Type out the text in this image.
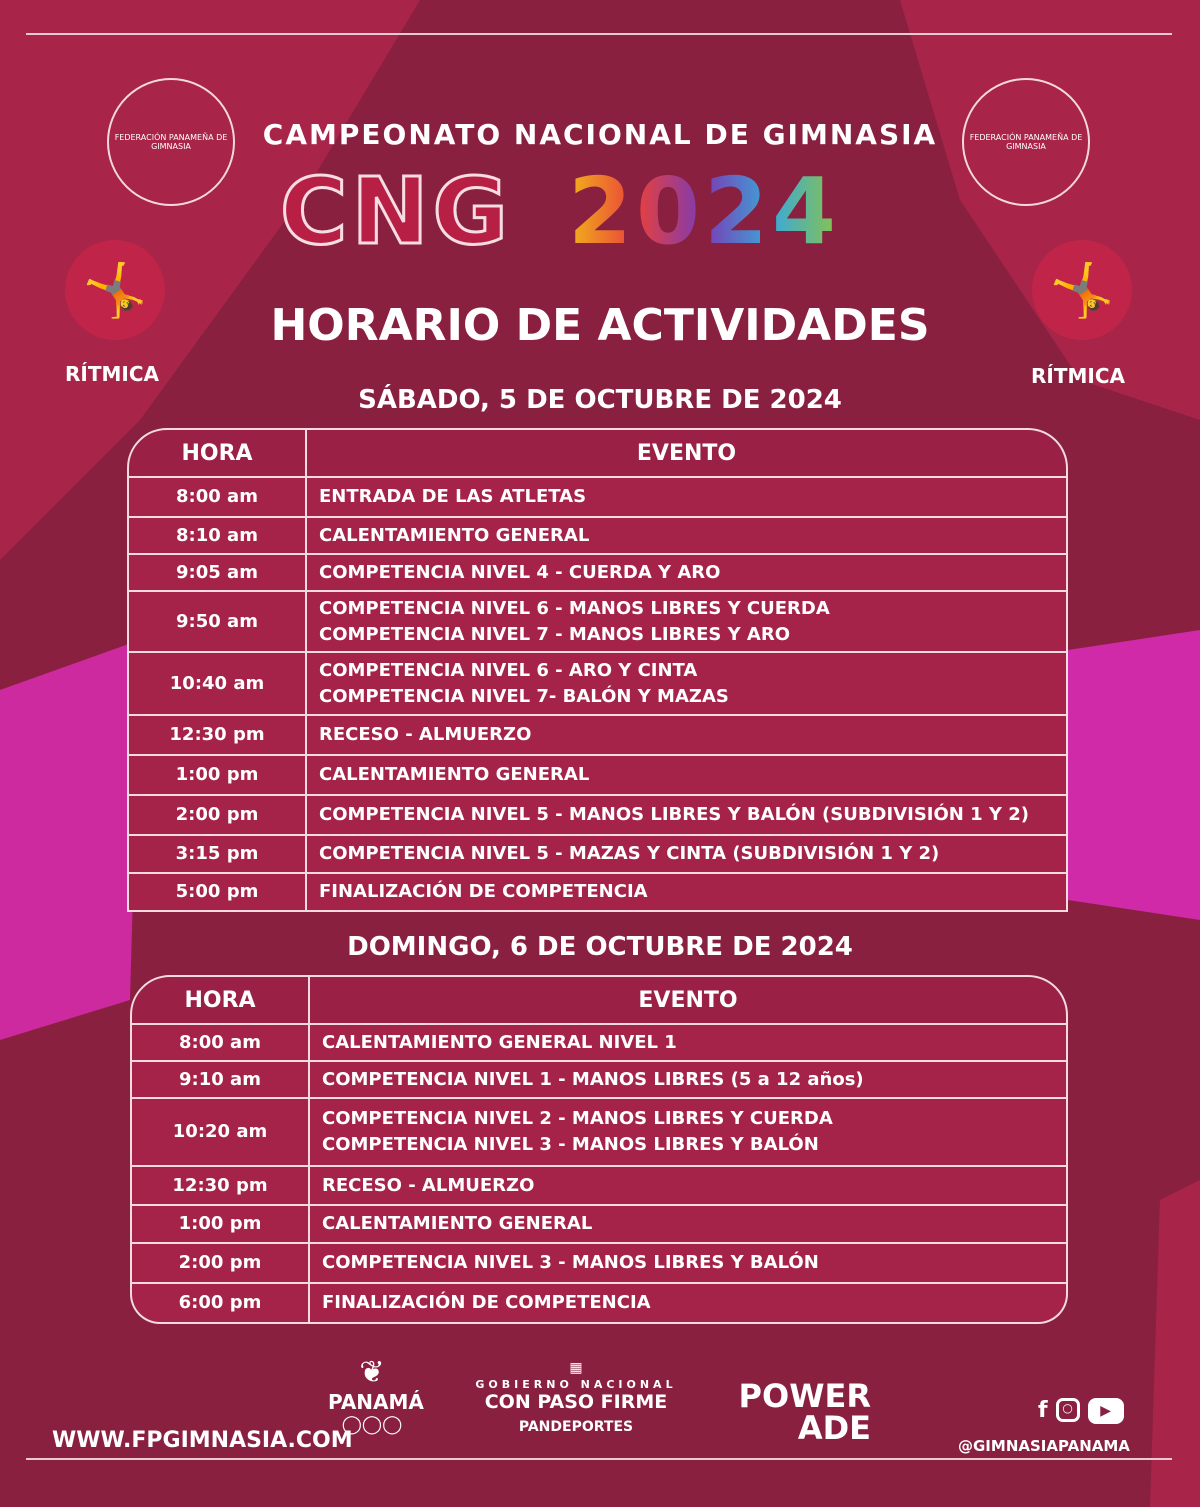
FEDERACIÓN PANAMEÑA DE GIMNASIA
FEDERACIÓN PANAMEÑA DE GIMNASIA
🤸	🤸
RÍTMICA	RÍTMICA
CAMPEONATO NACIONAL DE GIMNASIA
CNG 2024
HORARIO DE ACTIVIDADES
SÁBADO, 5 DE OCTUBRE DE 2024
HORA	EVENTO
8:00 am	ENTRADA DE LAS ATLETAS

8:10 am	CALENTAMIENTO GENERAL

9:05 am	COMPETENCIA NIVEL 4 - CUERDA Y ARO

9:50 am	COMPETENCIA NIVEL 6 - MANOS LIBRES Y CUERDA
COMPETENCIA NIVEL 7 - MANOS LIBRES Y ARO

10:40 am	COMPETENCIA NIVEL 6 - ARO Y CINTA
COMPETENCIA NIVEL 7- BALÓN Y MAZAS

12:30 pm	RECESO - ALMUERZO

1:00 pm	CALENTAMIENTO GENERAL

2:00 pm	COMPETENCIA NIVEL 5 - MANOS LIBRES Y BALÓN (SUBDIVISIÓN 1 Y 2)

3:15 pm	COMPETENCIA NIVEL 5 - MAZAS Y CINTA (SUBDIVISIÓN 1 Y 2)

5:00 pm	FINALIZACIÓN DE COMPETENCIA
DOMINGO, 6 DE OCTUBRE DE 2024
HORA	EVENTO
8:00 am	CALENTAMIENTO GENERAL NIVEL 1

9:10 am	COMPETENCIA NIVEL 1 - MANOS LIBRES (5 a 12 años)

10:20 am	COMPETENCIA NIVEL 2 - MANOS LIBRES Y CUERDA
COMPETENCIA NIVEL 3 - MANOS LIBRES Y BALÓN

12:30 pm	RECESO - ALMUERZO

1:00 pm	CALENTAMIENTO GENERAL

2:00 pm	COMPETENCIA NIVEL 3 - MANOS LIBRES Y BALÓN

6:00 pm	FINALIZACIÓN DE COMPETENCIA
WWW.FPGIMNASIA.COM
❦
PANAMÁ
◯◯◯
▦
GOBIERNO NACIONAL
CON PASO FIRME
PANDEPORTES
POWER
ADE	f	○	▶
@GIMNASIAPANAMA
